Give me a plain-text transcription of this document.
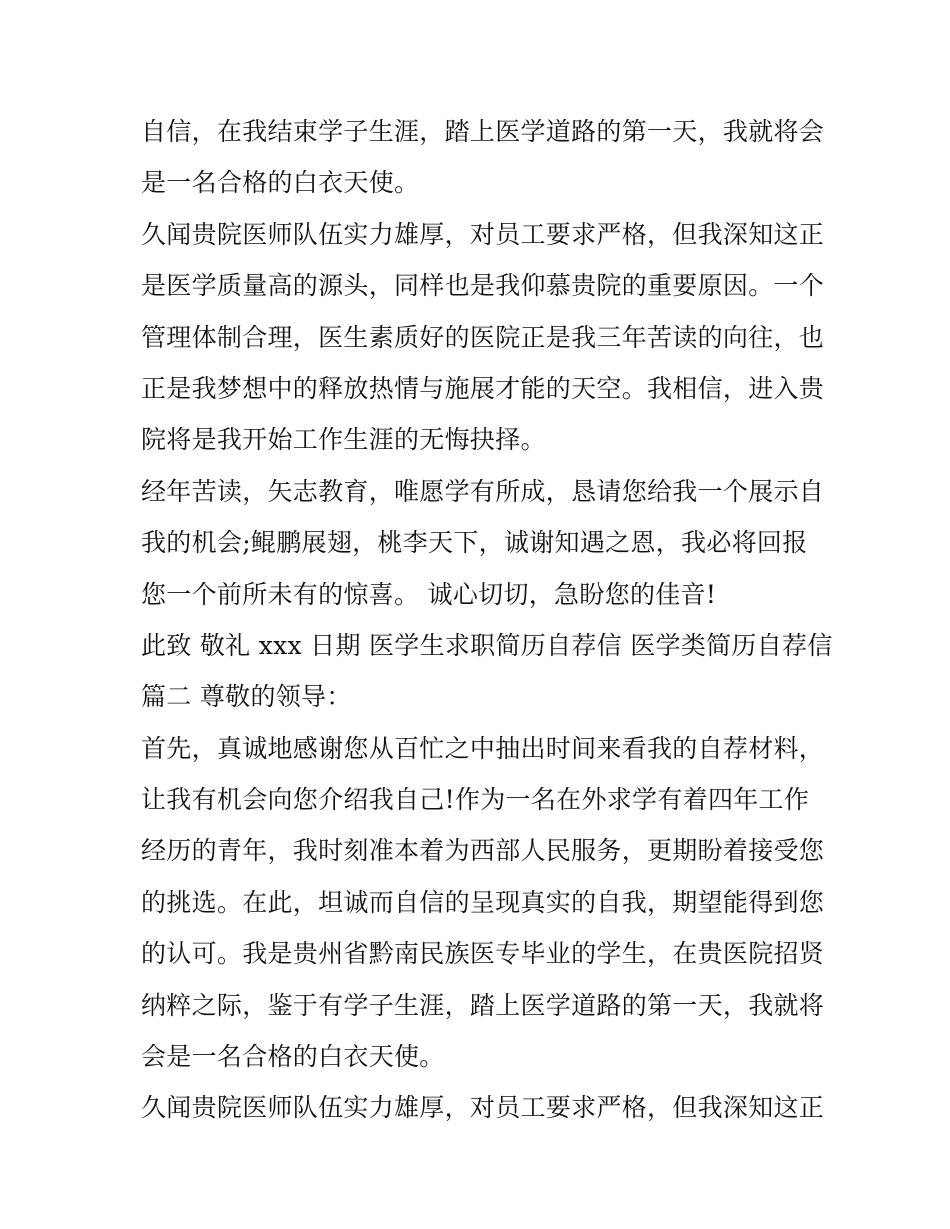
自信，在我结束学子生涯，踏上医学道路的第一天，我就将会
是一名合格的白衣天使。
久闻贵院医师队伍实力雄厚，对员工要求严格，但我深知这正
是医学质量高的源头，同样也是我仰慕贵院的重要原因。一个
管理体制合理，医生素质好的医院正是我三年苦读的向往，也
正是我梦想中的释放热情与施展才能的天空。我相信，进入贵
院将是我开始工作生涯的无悔抉择。
经年苦读，矢志教育，唯愿学有所成，恳请您给我一个展示自
我的机会;鲲鹏展翅，桃李天下，诚谢知遇之恩，我必将回报
您一个前所未有的惊喜。 诚心切切，急盼您的佳音!
此致 敬礼 xxx 日期 医学生求职简历自荐信 医学类简历自荐信
篇二 尊敬的领导：
首先，真诚地感谢您从百忙之中抽出时间来看我的自荐材料，
让我有机会向您介绍我自己!作为一名在外求学有着四年工作
经历的青年，我时刻准本着为西部人民服务，更期盼着接受您
的挑选。在此，坦诚而自信的呈现真实的自我，期望能得到您
的认可。我是贵州省黔南民族医专毕业的学生，在贵医院招贤
纳粹之际，鉴于有学子生涯，踏上医学道路的第一天，我就将
会是一名合格的白衣天使。
久闻贵院医师队伍实力雄厚，对员工要求严格，但我深知这正
